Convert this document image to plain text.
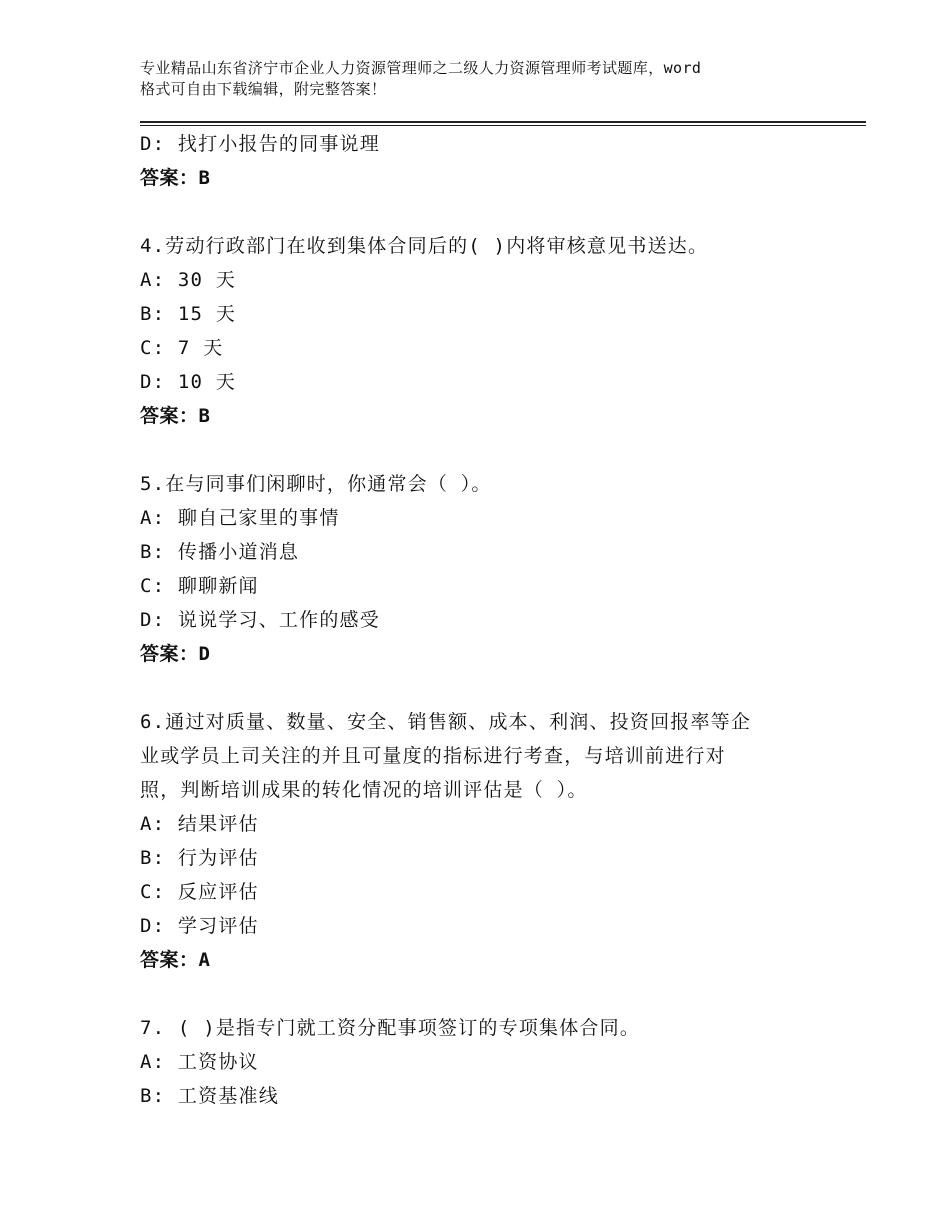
专业精品山东省济宁市企业人力资源管理师之二级人力资源管理师考试题库，word
格式可自由下载编辑，附完整答案！
D: 找打小报告的同事说理
答案：B
4.劳动行政部门在收到集体合同后的( )内将审核意见书送达。
A: 30 天
B: 15 天
C: 7 天
D: 10 天
答案：B
5.在与同事们闲聊时，你通常会（ ）。
A: 聊自己家里的事情
B: 传播小道消息
C: 聊聊新闻
D: 说说学习、工作的感受
答案：D
6.通过对质量、数量、安全、销售额、成本、利润、投资回报率等企
业或学员上司关注的并且可量度的指标进行考查，与培训前进行对
照，判断培训成果的转化情况的培训评估是（ ）。
A: 结果评估
B: 行为评估
C: 反应评估
D: 学习评估
答案：A
7. ( )是指专门就工资分配事项签订的专项集体合同。
A: 工资协议
B: 工资基准线
